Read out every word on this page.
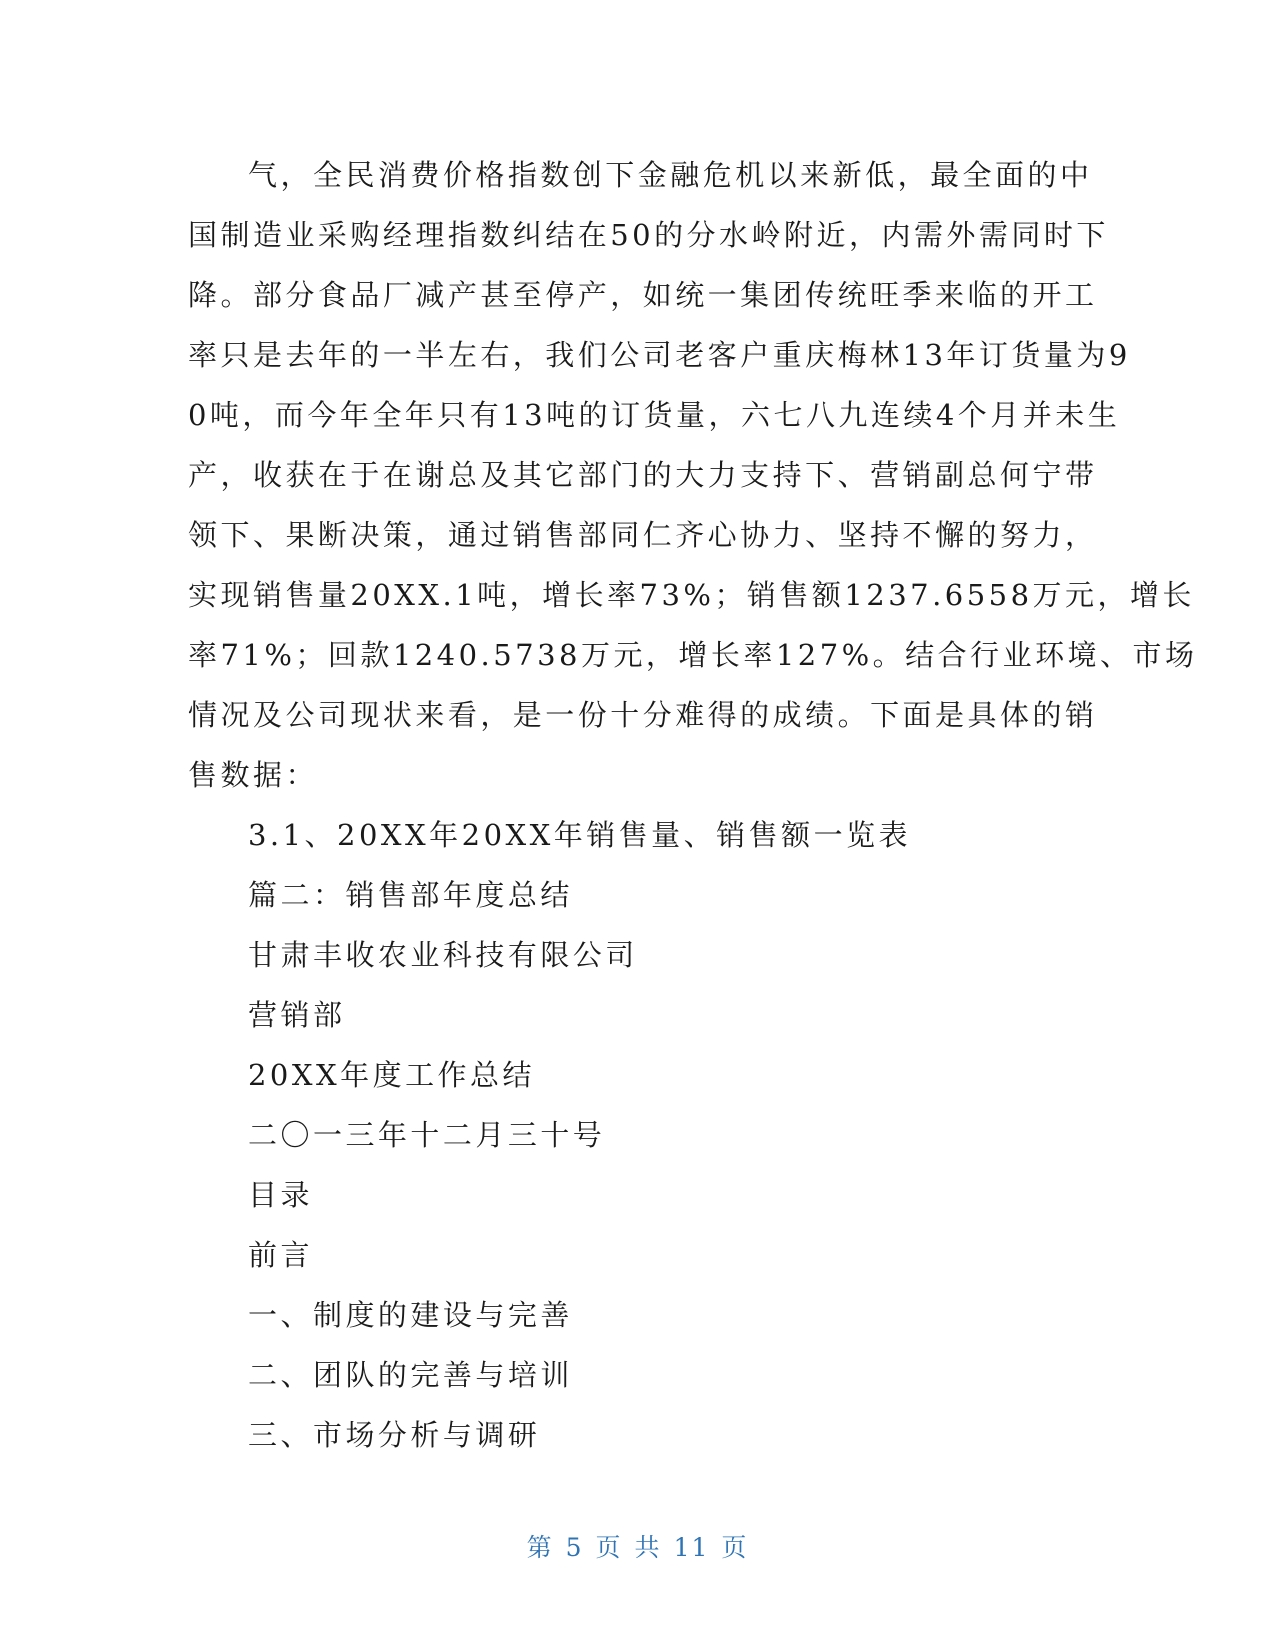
气，全民消费价格指数创下金融危机以来新低，最全面的中
国制造业采购经理指数纠结在50的分水岭附近，内需外需同时下
降。部分食品厂减产甚至停产，如统一集团传统旺季来临的开工
率只是去年的一半左右，我们公司老客户重庆梅林13年订货量为9
0吨，而今年全年只有13吨的订货量，六七八九连续4个月并未生
产，收获在于在谢总及其它部门的大力支持下、营销副总何宁带
领下、果断决策，通过销售部同仁齐心协力、坚持不懈的努力，
实现销售量20XX.1吨，增长率73%；销售额1237.6558万元，增长
率71%；回款1240.5738万元，增长率127%。结合行业环境、市场
情况及公司现状来看，是一份十分难得的成绩。下面是具体的销
售数据：
3.1、20XX年20XX年销售量、销售额一览表
篇二：销售部年度总结
甘肃丰收农业科技有限公司
营销部
20XX年度工作总结
二〇一三年十二月三十号
目录
前言
一、制度的建设与完善
二、团队的完善与培训
三、市场分析与调研
第 5 页 共 11 页
